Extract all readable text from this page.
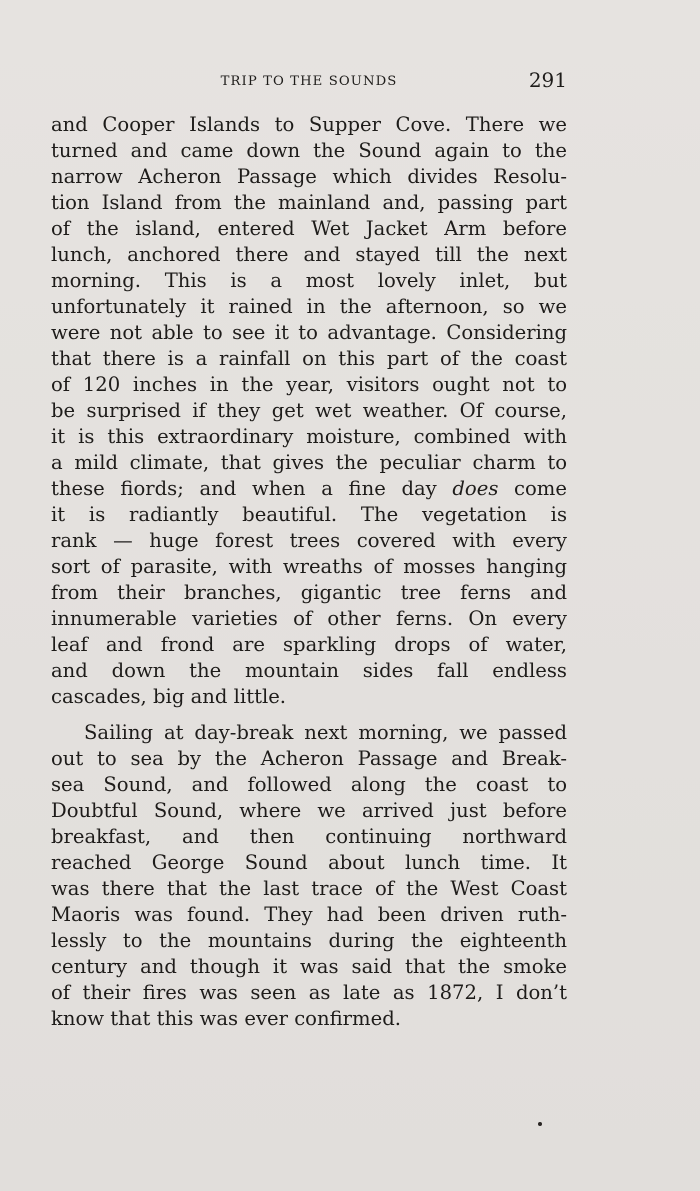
TRIP TO THE SOUNDS	291

and Cooper Islands to Supper Cove. There we
turned and came down the Sound again to the
narrow Acheron Passage which divides Resolu-
tion Island from the mainland and, passing part
of the island, entered Wet Jacket Arm before
lunch, anchored there and stayed till the next
morning. This is a most lovely inlet, but
unfortunately it rained in the afternoon, so we
were not able to see it to advantage. Considering
that there is a rainfall on this part of the coast
of 120 inches in the year, visitors ought not to
be surprised if they get wet weather. Of course,
it is this extraordinary moisture, combined with
a mild climate, that gives the peculiar charm to
these fiords; and when a fine day does come
it is radiantly beautiful. The vegetation is
rank — huge forest trees covered with every
sort of parasite, with wreaths of mosses hanging
from their branches, gigantic tree ferns and
innumerable varieties of other ferns. On every
leaf and frond are sparkling drops of water,
and down the mountain sides fall endless
cascades, big and little.

Sailing at day-break next morning, we passed
out to sea by the Acheron Passage and Break-
sea Sound, and followed along the coast to
Doubtful Sound, where we arrived just before
breakfast, and then continuing northward
reached George Sound about lunch time. It
was there that the last trace of the West Coast
Maoris was found. They had been driven ruth-
lessly to the mountains during the eighteenth
century and though it was said that the smoke
of their fires was seen as late as 1872, I don’t
know that this was ever confirmed.
